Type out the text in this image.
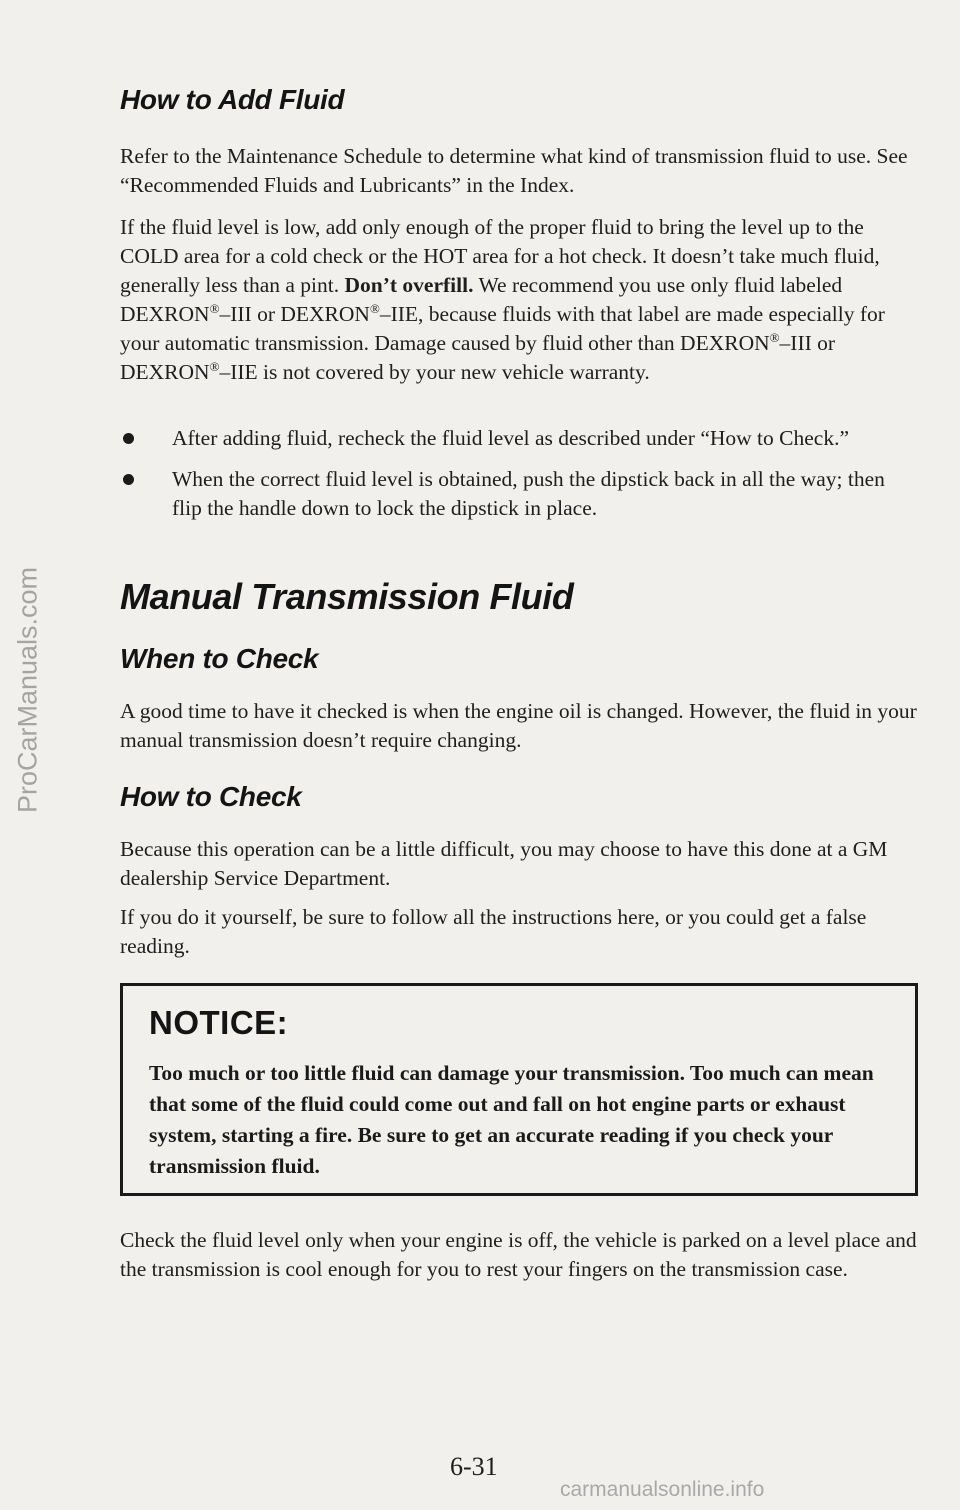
ProCarManuals.com
How to Add Fluid

Refer to the Maintenance Schedule to determine what kind of transmission fluid to use. See “Recommended Fluids and Lubricants” in the Index.

If the fluid level is low, add only enough of the proper fluid to bring the level up to the COLD area for a cold check or the HOT area for a hot check. It doesn’t take much fluid, generally less than a pint. Don’t overfill. We recommend you use only fluid labeled DEXRON®–III or DEXRON®–IIE, because fluids with that label are made especially for your automatic transmission. Damage caused by fluid other than DEXRON®–III or DEXRON®–IIE is not covered by your new vehicle warranty.

After adding fluid, recheck the fluid level as described under “How to Check.”
When the correct fluid level is obtained, push the dipstick back in all the way; then flip the handle down to lock the dipstick in place.
Manual Transmission Fluid
When to Check

A good time to have it checked is when the engine oil is changed. However, the fluid in your manual transmission doesn’t require changing.

How to Check

Because this operation can be a little difficult, you may choose to have this done at a GM dealership Service Department.

If you do it yourself, be sure to follow all the instructions here, or you could get a false reading.

NOTICE:
Too much or too little fluid can damage your transmission. Too much can mean that some of the fluid could come out and fall on hot engine parts or exhaust system, starting a fire. Be sure to get an accurate reading if you check your transmission fluid.

Check the fluid level only when your engine is off, the vehicle is parked on a level place and the transmission is cool enough for you to rest your fingers on the transmission case.

6-31
carmanualsonline.info
